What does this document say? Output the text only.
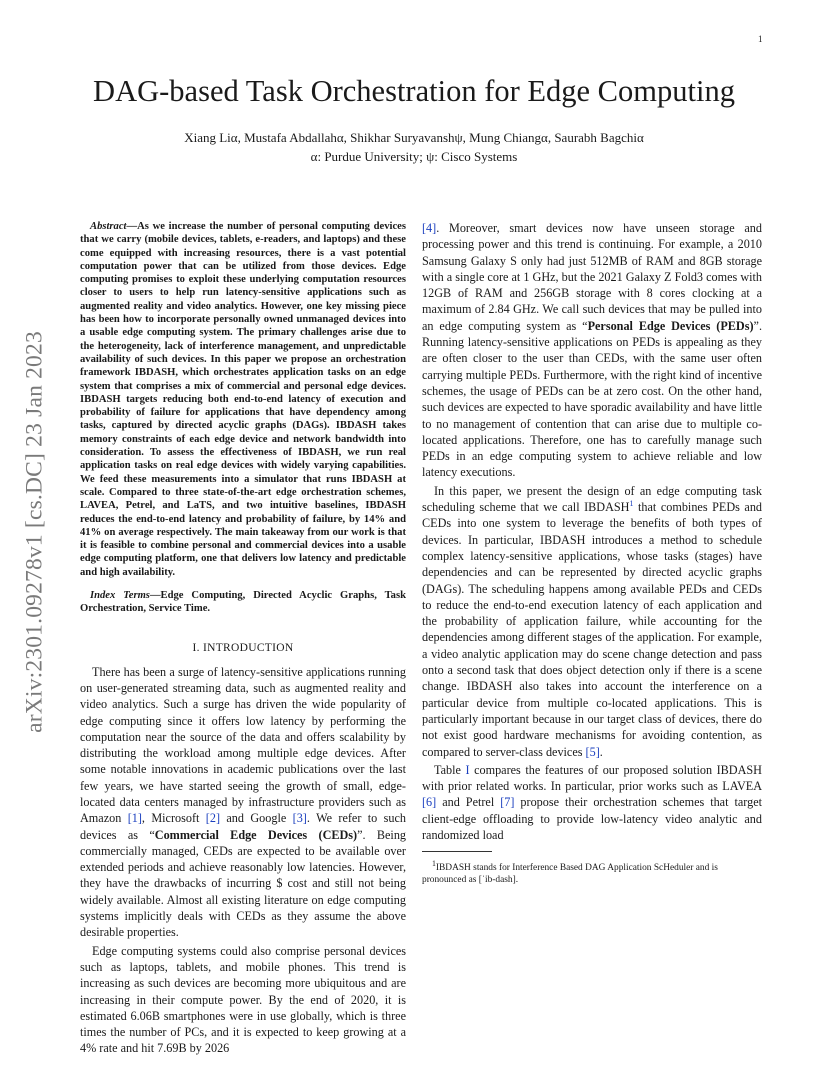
1
arXiv:2301.09278v1 [cs.DC] 23 Jan 2023
DAG-based Task Orchestration for Edge Computing
Xiang Liα, Mustafa Abdallahα, Shikhar Suryavanshψ, Mung Chiangα, Saurabh Bagchiα
α: Purdue University; ψ: Cisco Systems

Abstract—As we increase the number of personal computing devices that we carry (mobile devices, tablets, e-readers, and laptops) and these come equipped with increasing resources, there is a vast potential computation power that can be utilized from those devices. Edge computing promises to exploit these underlying computation resources closer to users to help run latency-sensitive applications such as augmented reality and video analytics. However, one key missing piece has been how to incorporate personally owned unmanaged devices into a usable edge computing system. The primary challenges arise due to the heterogeneity, lack of interference management, and unpredictable availability of such devices. In this paper we propose an orchestration framework IBDASH, which orchestrates application tasks on an edge system that comprises a mix of commercial and personal edge devices. IBDASH targets reducing both end-to-end latency of execution and probability of failure for applications that have dependency among tasks, captured by directed acyclic graphs (DAGs). IBDASH takes memory constraints of each edge device and network bandwidth into consideration. To assess the effectiveness of IBDASH, we run real application tasks on real edge devices with widely varying capabilities. We feed these measurements into a simulator that runs IBDASH at scale. Compared to three state-of-the-art edge orchestration schemes, LAVEA, Petrel, and LaTS, and two intuitive baselines, IBDASH reduces the end-to-end latency and probability of failure, by 14% and 41% on average respectively. The main takeaway from our work is that it is feasible to combine personal and commercial devices into a usable edge computing platform, one that delivers low latency and predictable and high availability.

Index Terms—Edge Computing, Directed Acyclic Graphs, Task Orchestration, Service Time.

I. INTRODUCTION

There has been a surge of latency-sensitive applications running on user-generated streaming data, such as augmented reality and video analytics. Such a surge has driven the wide popularity of edge computing since it offers low latency by performing the computation near the source of the data and offers scalability by distributing the workload among multiple edge devices. After some notable innovations in academic publications over the last few years, we have started seeing the growth of small, edge-located data centers managed by infrastructure providers such as Amazon [1], Microsoft [2] and Google [3]. We refer to such devices as “Commercial Edge Devices (CEDs)”. Being commercially managed, CEDs are expected to be available over extended periods and achieve reasonably low latencies. However, they have the drawbacks of incurring $ cost and still not being widely available. Almost all existing literature on edge computing systems implicitly deals with CEDs as they assume the above desirable properties.

Edge computing systems could also comprise personal devices such as laptops, tablets, and mobile phones. This trend is increasing as such devices are becoming more ubiquitous and are increasing in their compute power. By the end of 2020, it is estimated 6.06B smartphones were in use globally, which is three times the number of PCs, and it is expected to keep growing at a 4% rate and hit 7.69B by 2026

[4]. Moreover, smart devices now have unseen storage and processing power and this trend is continuing. For example, a 2010 Samsung Galaxy S only had just 512MB of RAM and 8GB storage with a single core at 1 GHz, but the 2021 Galaxy Z Fold3 comes with 12GB of RAM and 256GB storage with 8 cores clocking at a maximum of 2.84 GHz. We call such devices that may be pulled into an edge computing system as “Personal Edge Devices (PEDs)”. Running latency-sensitive applications on PEDs is appealing as they are often closer to the user than CEDs, with the same user often carrying multiple PEDs. Furthermore, with the right kind of incentive schemes, the usage of PEDs can be at zero cost. On the other hand, such devices are expected to have sporadic availability and have little to no management of contention that can arise due to multiple co-located applications. Therefore, one has to carefully manage such PEDs in an edge computing system to achieve reliable and low latency executions.

In this paper, we present the design of an edge computing task scheduling scheme that we call IBDASH$^1$ that combines PEDs and CEDs into one system to leverage the benefits of both types of devices. In particular, IBDASH introduces a method to schedule complex latency-sensitive applications, whose tasks (stages) have dependencies and can be represented by directed acyclic graphs (DAGs). The scheduling happens among available PEDs and CEDs to reduce the end-to-end execution latency of each application and the probability of application failure, while accounting for the dependencies among different stages of the application. For example, a video analytic application may do scene change detection and pass onto a second task that does object detection only if there is a scene change. IBDASH also takes into account the interference on a particular device from multiple co-located applications. This is particularly important because in our target class of devices, there do not exist good hardware mechanisms for avoiding contention, as compared to server-class devices [5].

Table I compares the features of our proposed solution IBDASH with prior related works. In particular, prior works such as LAVEA [6] and Petrel [7] propose their orchestration schemes that target client-edge offloading to provide low-latency video analytic and randomized load

$^1$IBDASH stands for Interference Based DAG Application ScHeduler and is pronounced as [ˈib-dash].
